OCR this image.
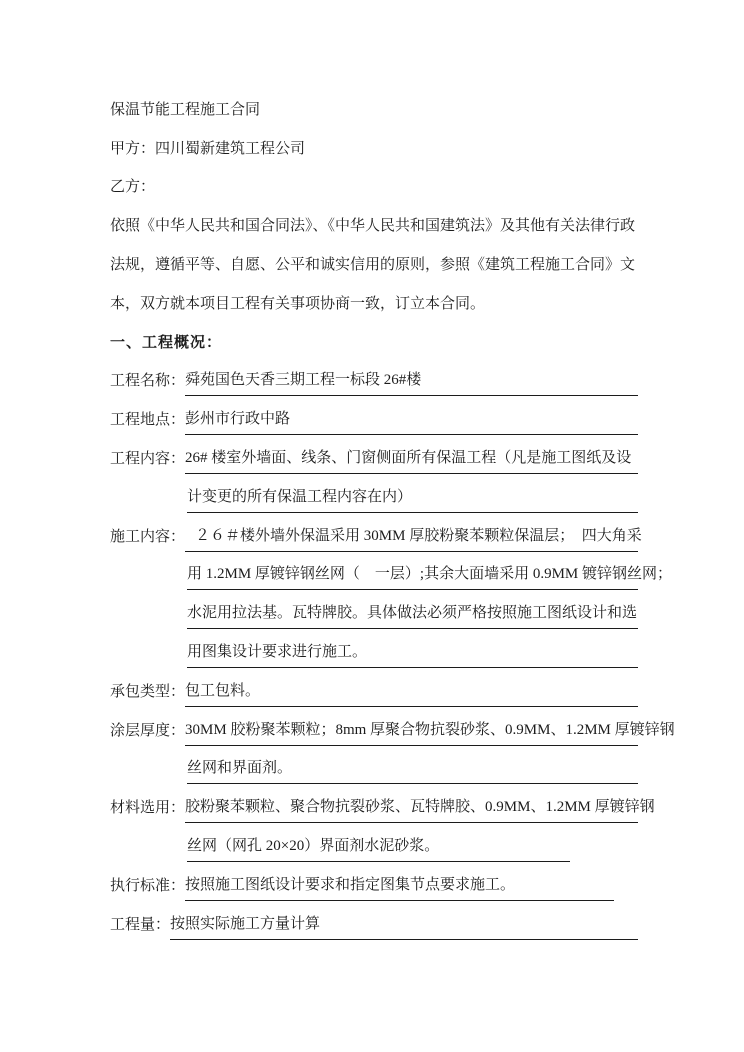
保温节能工程施工合同
甲方：四川蜀新建筑工程公司
乙方：
依照《中华人民共和国合同法》、《中华人民共和国建筑法》及其他有关法律行政
法规，遵循平等、自愿、公平和诚实信用的原则，参照《建筑工程施工合同》文
本，双方就本项目工程有关事项协商一致，订立本合同。
一、工程概况：
工程名称： 舜苑国色天香三期工程一标段 26#楼
工程地点： 彭州市行政中路
工程内容： 26# 楼室外墙面、线条、门窗侧面所有保温工程（凡是施工图纸及设
计变更的所有保温工程内容在内）
施工内容： ２６＃楼外墙外保温采用 30MM 厚胶粉聚苯颗粒保温层；　四大角采
用 1.2MM 厚镀锌钢丝网（　一层）;其余大面墙采用 0.9MM 镀锌钢丝网；
水泥用拉法基。瓦特牌胶。具体做法必须严格按照施工图纸设计和选
用图集设计要求进行施工。
承包类型： 包工包料。
涂层厚度： 30MM 胶粉聚苯颗粒；8mm 厚聚合物抗裂砂浆、0.9MM、1.2MM 厚镀锌钢
丝网和界面剂。
材料选用： 胶粉聚苯颗粒、聚合物抗裂砂浆、瓦特牌胶、0.9MM、1.2MM 厚镀锌钢
丝网（网孔 20×20）界面剂水泥砂浆。
执行标准： 按照施工图纸设计要求和指定图集节点要求施工。
工程量： 按照实际施工方量计算
